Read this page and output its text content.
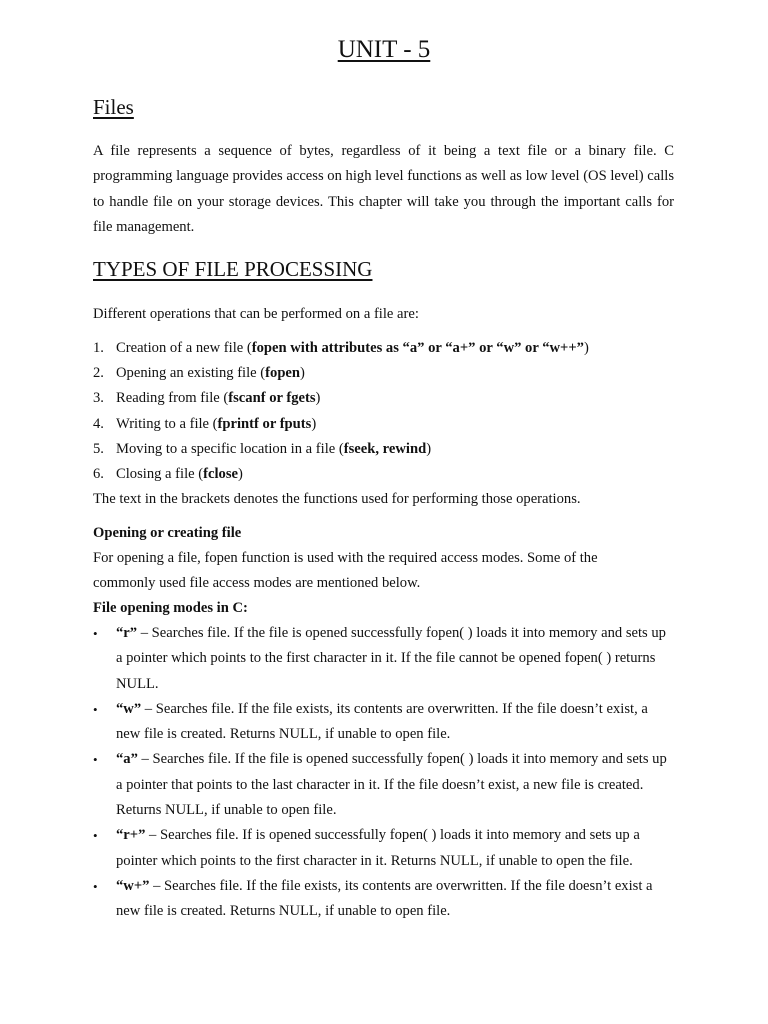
UNIT - 5
Files

A file represents a sequence of bytes, regardless of it being a text file or a binary file. C programming language provides access on high level functions as well as low level (OS level) calls to handle file on your storage devices. This chapter will take you through the important calls for file management.

TYPES OF FILE PROCESSING

Different operations that can be performed on a file are:

1. Creation of a new file (fopen with attributes as “a” or “a+” or “w” or “w++”)
2. Opening an existing file (fopen)
3. Reading from file (fscanf or fgets)
4. Writing to a file (fprintf or fputs)
5. Moving to a specific location in a file (fseek, rewind)
6. Closing a file (fclose)

The text in the brackets denotes the functions used for performing those operations.

Opening or creating file

For opening a file, fopen function is used with the required access modes. Some of the commonly used file access modes are mentioned below.

File opening modes in C:

• “r” – Searches file. If the file is opened successfully fopen( ) loads it into memory and sets up a pointer which points to the first character in it. If the file cannot be opened fopen( ) returns NULL.
• “w” – Searches file. If the file exists, its contents are overwritten. If the file doesn’t exist, a new file is created. Returns NULL, if unable to open file.
• “a” – Searches file. If the file is opened successfully fopen( ) loads it into memory and sets up a pointer that points to the last character in it. If the file doesn’t exist, a new file is created. Returns NULL, if unable to open file.
• “r+” – Searches file. If is opened successfully fopen( ) loads it into memory and sets up a pointer which points to the first character in it. Returns NULL, if unable to open the file.
• “w+” – Searches file. If the file exists, its contents are overwritten. If the file doesn’t exist a new file is created. Returns NULL, if unable to open file.
